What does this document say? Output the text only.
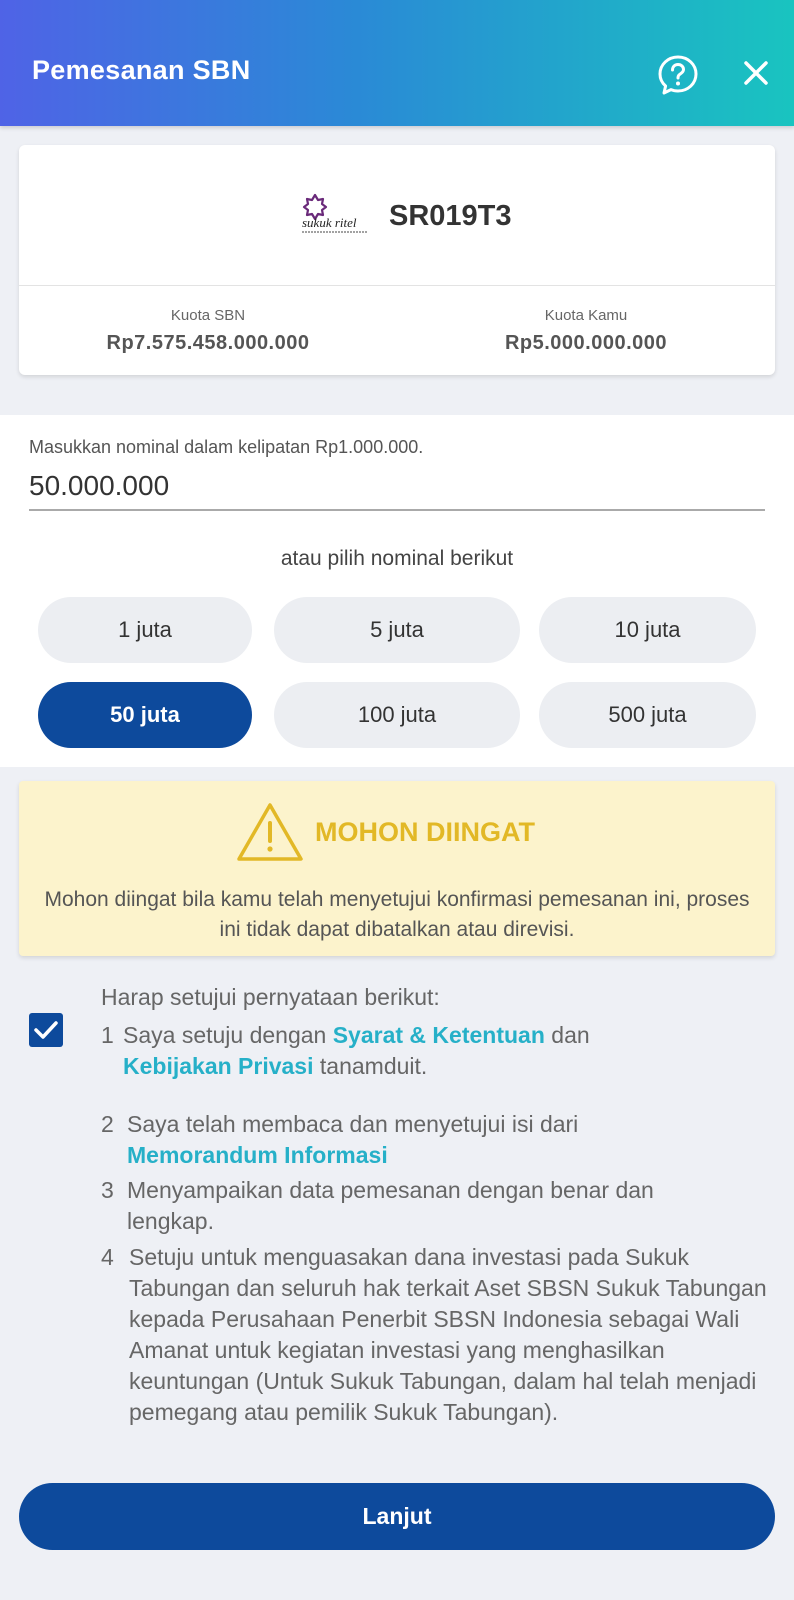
Pemesanan SBN
sukuk ritel SR019T3
Kuota SBN
Rp7.575.458.000.000
Kuota Kamu
Rp5.000.000.000
Masukkan nominal dalam kelipatan Rp1.000.000.
50.000.000
atau pilih nominal berikut
1 juta	5 juta	10 juta
50 juta	100 juta	500 juta
MOHON DIINGAT
Mohon diingat bila kamu telah menyetujui konfirmasi pemesanan ini, proses ini tidak dapat dibatalkan atau direvisi.
Harap setujui pernyataan berikut:
1 Saya setuju dengan Syarat & Ketentuan dan Kebijakan Privasi tanamduit.
2 Saya telah membaca dan menyetujui isi dari Memorandum Informasi
3 Menyampaikan data pemesanan dengan benar dan lengkap.
4 Setuju untuk menguasakan dana investasi pada Sukuk Tabungan dan seluruh hak terkait Aset SBSN Sukuk Tabungan kepada Perusahaan Penerbit SBSN Indonesia sebagai Wali Amanat untuk kegiatan investasi yang menghasilkan keuntungan (Untuk Sukuk Tabungan, dalam hal telah menjadi pemegang atau pemilik Sukuk Tabungan).
Lanjut
